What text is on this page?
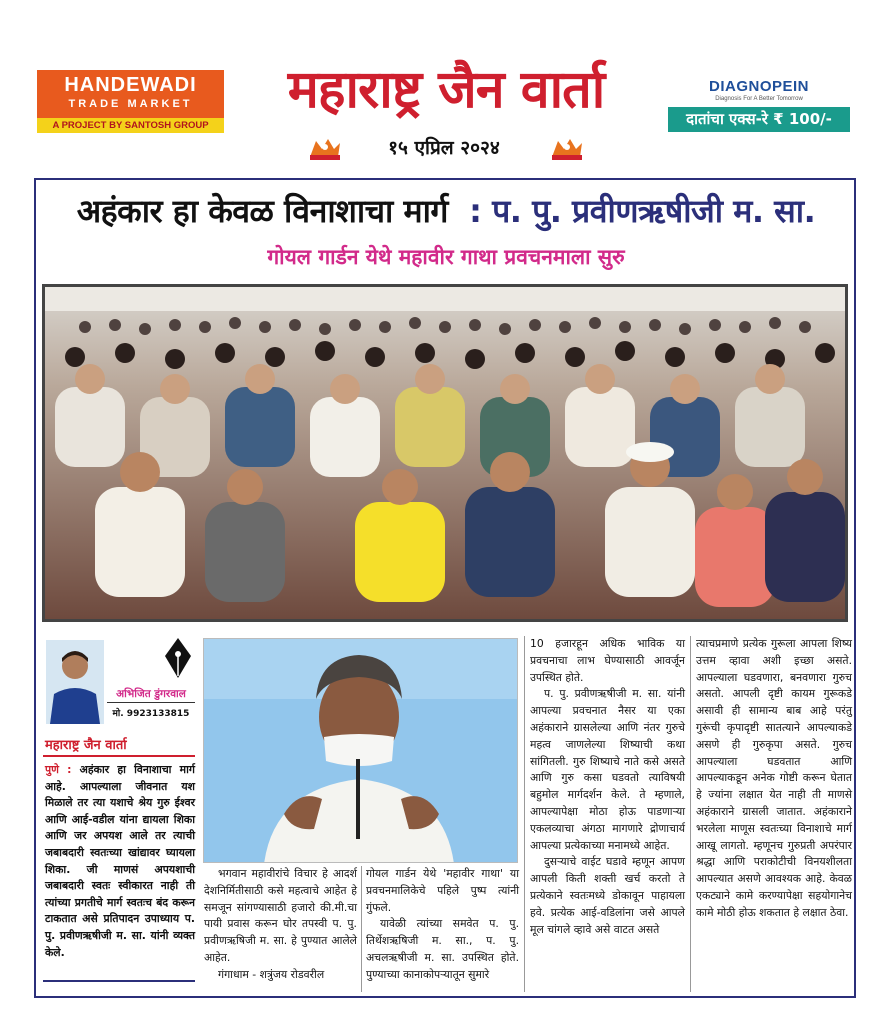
HANDEWADI
TRADE MARKET
A PROJECT BY SANTOSH GROUP
महाराष्ट्र जैन वार्ता
१५ एप्रिल २०२४
DIAGNOPEIN
Diagnosis For A Better Tomorrow
दातांचा एक्स-रे ₹ 100/-
अहंकार हा केवळ विनाशाचा मार्ग : प. पु. प्रवीणऋषीजी म. सा.
गोयल गार्डन येथे महावीर गाथा प्रवचनमाला सुरु
अभिजित डुंगरवाल
मो. 9923133815
महाराष्ट्र जैन वार्ता
पुणे : अहंकार हा विनाशाचा मार्ग आहे. आपल्याला जीवनात यश मिळाले तर त्या यशाचे श्रेय गुरु ईश्वर आणि आई-वडील यांना द्यायला शिका आणि जर अपयश आले तर त्याची जबाबदारी स्वतःच्या खांद्यावर घ्यायला शिका. जी माणसं अपयशाची जबाबदारी स्वतः स्वीकारत नाही ती त्यांच्या प्रगतीचे मार्ग स्वतःच बंद करून टाकतात असे प्रतिपादन उपाध्याय प. पु. प्रवीणऋषीजी म. सा. यांनी व्यक्त केले.

भगवान महावीरांचे विचार हे आदर्श देशनिर्मितीसाठी कसे महत्वाचे आहेत हे समजून सांगण्यासाठी हजारो की.मी.चा पायी प्रवास करून घोर तपस्वी प. पु. प्रवीणऋषिजी म. सा. हे पुण्यात आलेले आहेत.

गंगाधाम - शत्रुंजय रोडवरील

गोयल गार्डन येथे 'महावीर गाथा' या प्रवचनमालिकेचे पहिले पुष्प त्यांनी गुंफले.

यावेळी त्यांच्या समवेत प. पु. तिर्थेशऋषिजी म. सा., प. पु. अचलऋषीजी म. सा. उपस्थित होते. पुण्याच्या कानाकोपऱ्यातून सुमारे

10 हजारहून अधिक भाविक या प्रवचनाचा लाभ घेण्यासाठी आवर्जून उपस्थित होते.

प. पु. प्रवीणऋषीजी म. सा. यांनी आपल्या प्रवचनात नैसर या एका अहंकाराने ग्रासलेल्या आणि नंतर गुरुचे महत्व जाणलेल्या शिष्याची कथा सांगितली. गुरु शिष्याचे नाते कसे असते आणि गुरु कसा घडवतो त्याविषयी बहुमोल मार्गदर्शन केले. ते म्हणाले, आपल्यापेक्षा मोठा होऊ पाडणाऱ्या एकलव्याचा अंगठा मागणारे द्रोणाचार्य आपल्या प्रत्येकाच्या मनामध्ये आहेत.

दुसऱ्याचे वाईट घडावे म्हणून आपण आपली किती शक्ती खर्च करतो ते प्रत्येकाने स्वतःमध्ये डोकावून पाहायला हवे. प्रत्येक आई-वडिलांना जसे आपले मूल चांगले व्हावे असे वाटत असते

त्याचप्रमाणे प्रत्येक गुरूला आपला शिष्य उत्तम व्हावा अशी इच्छा असते. आपल्याला घडवणारा, बनवणारा गुरुच असतो. आपली दृष्टी कायम गुरूकडे असावी ही सामान्य बाब आहे परंतु गुरूंची कृपादृष्टी सातत्याने आपल्याकडे असणे ही गुरुकृपा असते. गुरुच आपल्याला घडवतात आणि आपल्याकडून अनेक गोष्टी करून घेतात हे ज्यांना लक्षात येत नाही ती माणसे अहंकाराने ग्रासली जातात. अहंकाराने भरलेला माणूस स्वतःच्या विनाशाचे मार्ग आखू लागतो. म्हणूनच गुरुप्रती अपरंपार श्रद्धा आणि पराकोटीची विनयशीलता आपल्यात असणे आवश्यक आहे. केवळ एकट्याने कामे करण्यापेक्षा सहयोगानेच कामे मोठी होऊ शकतात हे लक्षात ठेवा.
